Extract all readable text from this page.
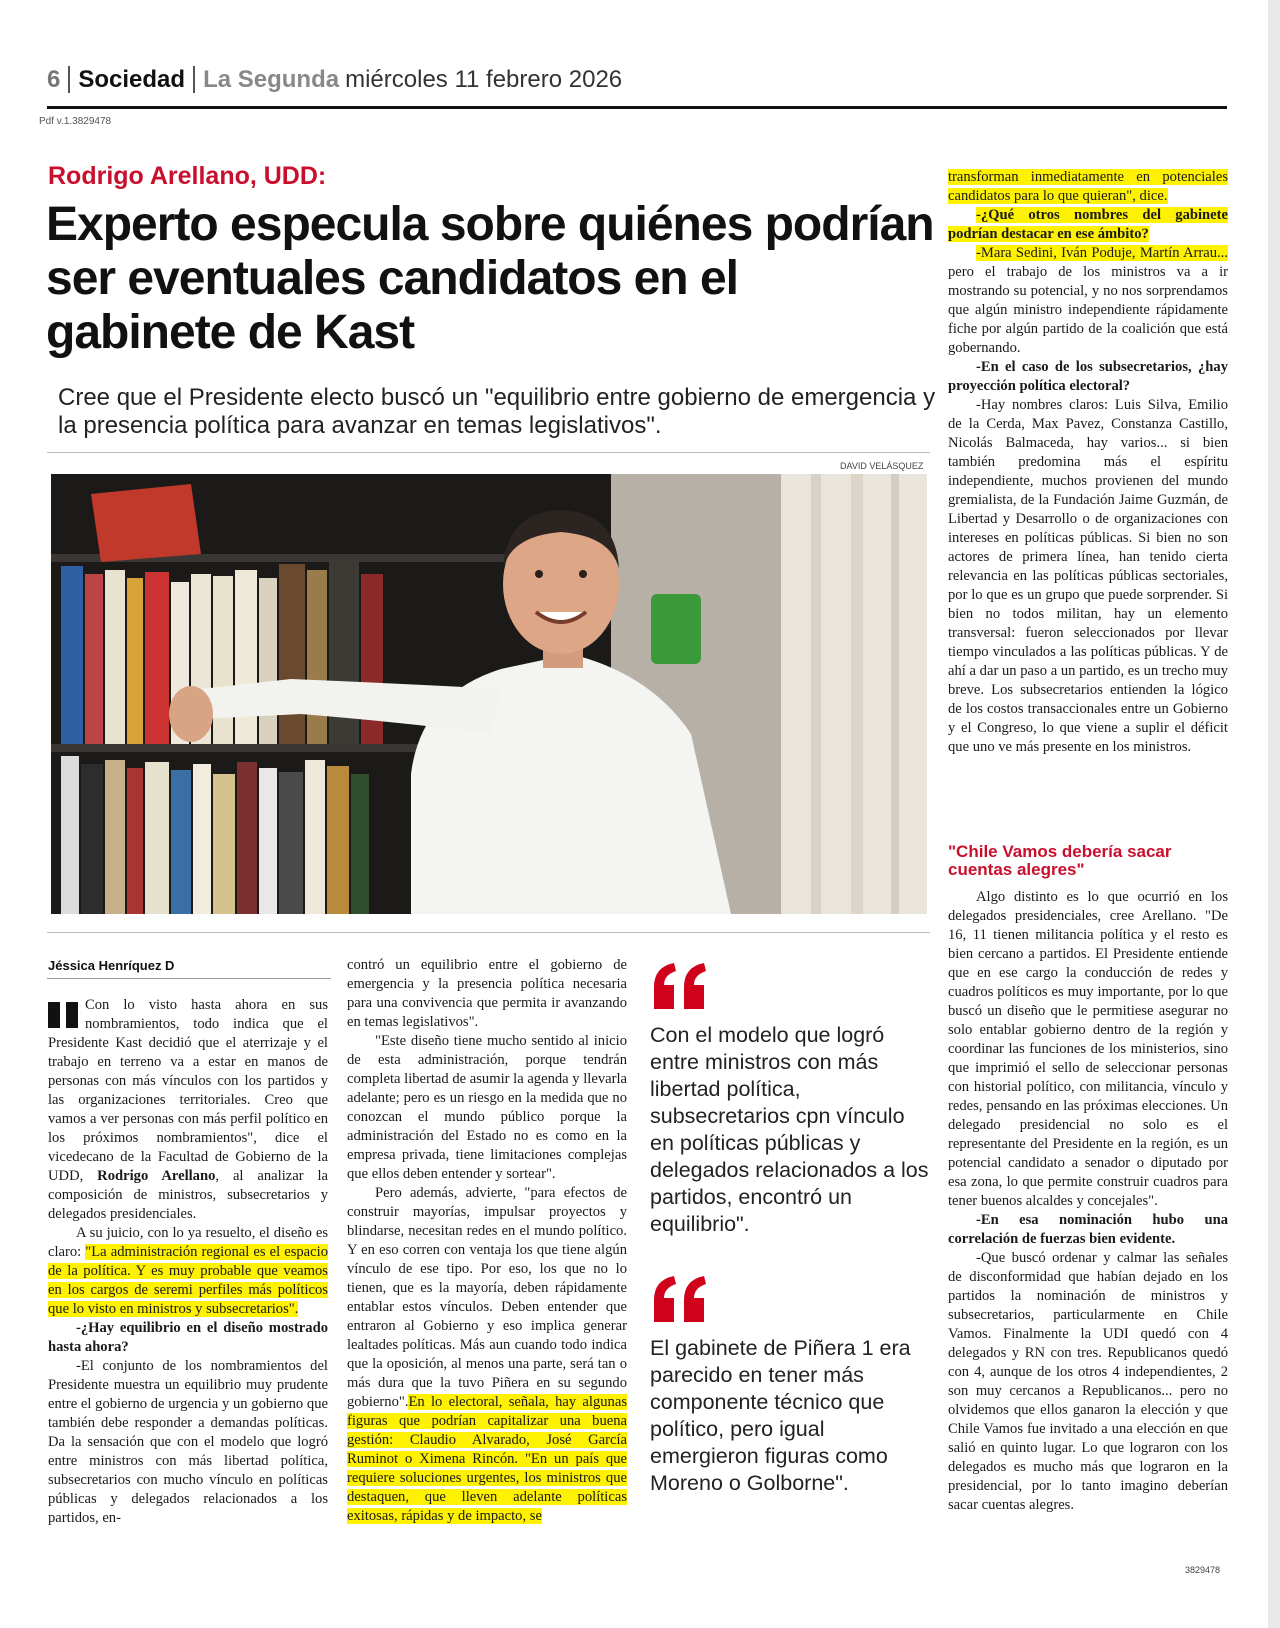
6 Sociedad La Segunda miércoles 11 febrero 2026
Pdf v.1.3829478
Rodrigo Arellano, UDD:
Experto especula sobre quiénes podrían ser eventuales candidatos en el gabinete de Kast
Cree que el Presidente electo buscó un "equilibrio entre gobierno de emergencia y la presencia política para avanzar en temas legislativos".
DAVID VELÁSQUEZ
Jéssica Henríquez D

Con lo visto hasta ahora en sus nombramientos, todo indica que el Presidente Kast decidió que el aterrizaje y el trabajo en terreno va a estar en manos de personas con más vínculos con los partidos y las organizaciones territoriales. Creo que vamos a ver personas con más perfil político en los próximos nombramientos", dice el vicedecano de la Facultad de Gobierno de la UDD, Rodrigo Arellano, al analizar la composición de ministros, subsecretarios y delegados presidenciales.

A su juicio, con lo ya resuelto, el diseño es claro: "La administración regional es el espacio de la política. Y es muy probable que veamos en los cargos de seremi perfiles más políticos que lo visto en ministros y subsecretarios".

-¿Hay equilibrio en el diseño mostrado hasta ahora?

-El conjunto de los nombramientos del Presidente muestra un equilibrio muy prudente entre el gobierno de urgencia y un gobierno que también debe responder a demandas políticas. Da la sensación que con el modelo que logró entre ministros con más libertad política, subsecretarios con mucho vínculo en políticas públicas y delegados relacionados a los partidos, en-

contró un equilibrio entre el gobierno de emergencia y la presencia política necesaria para una convivencia que permita ir avanzando en temas legislativos".

"Este diseño tiene mucho sentido al inicio de esta administración, porque tendrán completa libertad de asumir la agenda y llevarla adelante; pero es un riesgo en la medida que no conozcan el mundo público porque la administración del Estado no es como en la empresa privada, tiene limitaciones complejas que ellos deben entender y sortear".

Pero además, advierte, "para efectos de construir mayorías, impulsar proyectos y blindarse, necesitan redes en el mundo político. Y en eso corren con ventaja los que tiene algún vínculo de ese tipo. Por eso, los que no lo tienen, que es la mayoría, deben rápidamente entablar estos vínculos. Deben entender que entraron al Gobierno y eso implica generar lealtades políticas. Más aun cuando todo indica que la oposición, al menos una parte, será tan o más dura que la tuvo Piñera en su segundo gobierno".En lo electoral, señala, hay algunas figuras que podrían capitalizar una buena gestión: Claudio Alvarado, José García Ruminot o Ximena Rincón. "En un país que requiere soluciones urgentes, los ministros que destaquen, que lleven adelante políticas exitosas, rápidas y de impacto, se

Con el modelo que logró entre ministros con más libertad política, subsecretarios cpn vínculo en políticas públicas y delegados relacionados a los partidos, encontró un equilibrio".
El gabinete de Piñera 1 era parecido en tener más componente técnico que político, pero igual emergieron figuras como Moreno o Golborne".

transforman inmediatamente en potenciales candidatos para lo que quieran", dice.

-¿Qué otros nombres del gabinete podrían destacar en ese ámbito?

-Mara Sedini, Iván Poduje, Martín Arrau... pero el trabajo de los ministros va a ir mostrando su potencial, y no nos sorprendamos que algún ministro independiente rápidamente fiche por algún partido de la coalición que está gobernando.

-En el caso de los subsecretarios, ¿hay proyección política electoral?

-Hay nombres claros: Luis Silva, Emilio de la Cerda, Max Pavez, Constanza Castillo, Nicolás Balmaceda, hay varios... si bien también predomina más el espíritu independiente, muchos provienen del mundo gremialista, de la Fundación Jaime Guzmán, de Libertad y Desarrollo o de organizaciones con intereses en políticas públicas. Si bien no son actores de primera línea, han tenido cierta relevancia en las políticas públicas sectoriales, por lo que es un grupo que puede sorprender. Si bien no todos militan, hay un elemento transversal: fueron seleccionados por llevar tiempo vinculados a las políticas públicas. Y de ahí a dar un paso a un partido, es un trecho muy breve. Los subsecretarios entienden la lógico de los costos transaccionales entre un Gobierno y el Congreso, lo que viene a suplir el déficit que uno ve más presente en los ministros.

"Chile Vamos debería sacar cuentas alegres"

Algo distinto es lo que ocurrió en los delegados presidenciales, cree Arellano. "De 16, 11 tienen militancia política y el resto es bien cercano a partidos. El Presidente entiende que en ese cargo la conducción de redes y cuadros políticos es muy importante, por lo que buscó un diseño que le permitiese asegurar no solo entablar gobierno dentro de la región y coordinar las funciones de los ministerios, sino que imprimió el sello de seleccionar personas con historial político, con militancia, vínculo y redes, pensando en las próximas elecciones. Un delegado presidencial no solo es el representante del Presidente en la región, es un potencial candidato a senador o diputado por esa zona, lo que permite construir cuadros para tener buenos alcaldes y concejales".

-En esa nominación hubo una correlación de fuerzas bien evidente.

-Que buscó ordenar y calmar las señales de disconformidad que habían dejado en los partidos la nominación de ministros y subsecretarios, particularmente en Chile Vamos. Finalmente la UDI quedó con 4 delegados y RN con tres. Republicanos quedó con 4, aunque de los otros 4 independientes, 2 son muy cercanos a Republicanos... pero no olvidemos que ellos ganaron la elección y que Chile Vamos fue invitado a una elección en que salió en quinto lugar. Lo que lograron con los delegados es mucho más que lograron en la presidencial, por lo tanto imagino deberían sacar cuentas alegres.

3829478
